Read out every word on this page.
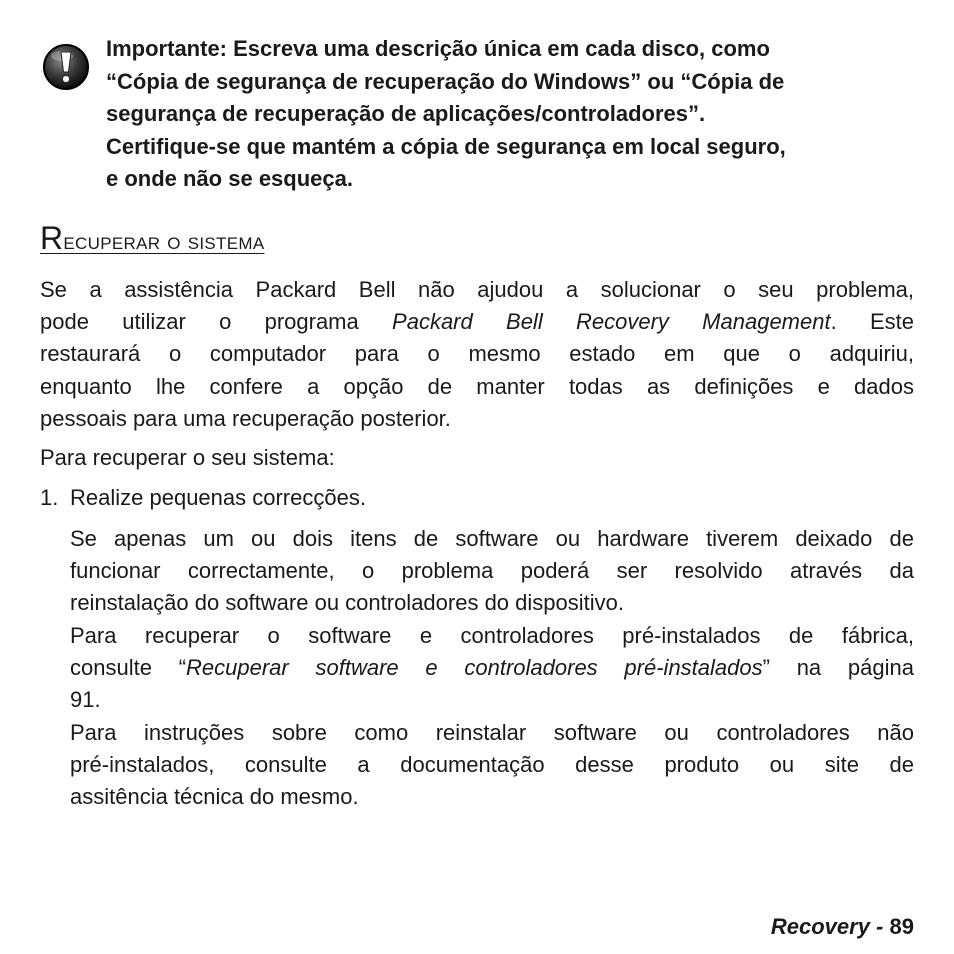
Importante: Escreva uma descrição única em cada disco, como
“Cópia de segurança de recuperação do Windows” ou “Cópia de
segurança de recuperação de aplicações/controladores”.
Certifique-se que mantém a cópia de segurança em local seguro,
e onde não se esqueça.
Recuperar o sistema
Se a assistência Packard Bell não ajudou a solucionar o seu problema,
pode utilizar o programa Packard Bell Recovery Management. Este
restaurará o computador para o mesmo estado em que o adquiriu,
enquanto lhe confere a opção de manter todas as definições e dados
pessoais para uma recuperação posterior.

Para recuperar o seu sistema:

1. Realize pequenas correcções.

Se apenas um ou dois itens de software ou hardware tiverem deixado de
funcionar correctamente, o problema poderá ser resolvido através da
reinstalação do software ou controladores do dispositivo.
Para recuperar o software e controladores pré-instalados de fábrica,
consulte “Recuperar software e controladores pré-instalados” na página
91.
Para instruções sobre como reinstalar software ou controladores não
pré-instalados, consulte a documentação desse produto ou site de
assitência técnica do mesmo.
Recovery - 89
